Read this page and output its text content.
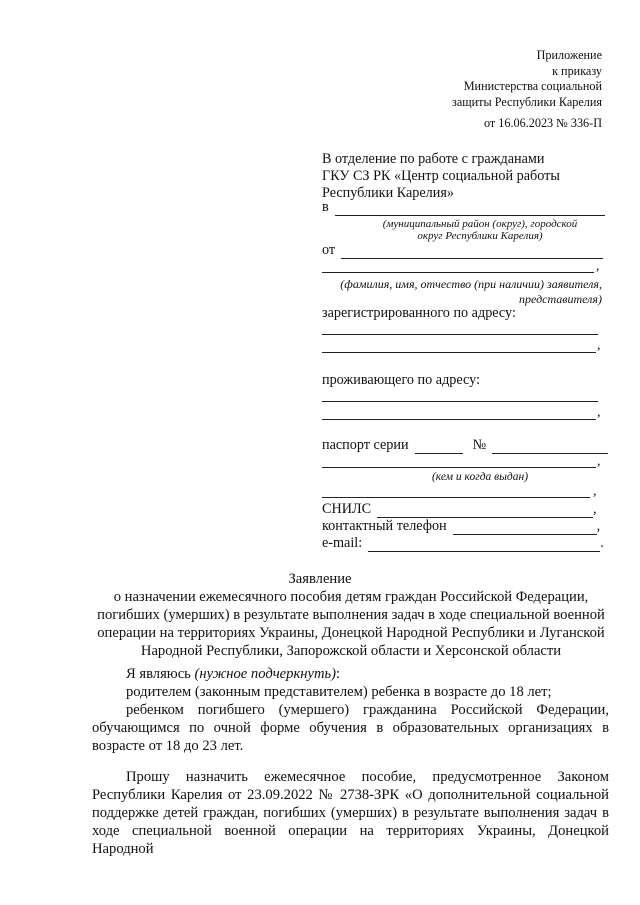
Приложение
к приказу
Министерства социальной
защиты Республики Карелия
от 16.06.2023 № 336-П
В отделение по работе с гражданами
ГКУ СЗ РК «Центр социальной работы
Республики Карелия»
в
(муниципальный район (округ), городской округ Республики Карелия)
от
,
(фамилия, имя, отчество (при наличии) заявителя,
представителя)
зарегистрированного по адресу:
,
проживающего по адресу:
,
паспорт серии	№
,
(кем и когда выдан)
,
СНИЛС	,
контактный телефон	,
e-mail:	.
Заявление
о назначении ежемесячного пособия детям граждан Российской Федерации, погибших (умерших) в результате выполнения задач в ходе специальной военной операции на территориях Украины, Донецкой Народной Республики и Луганской Народной Республики, Запорожской области и Херсонской области
Я являюсь (нужное подчеркнуть):
родителем (законным представителем) ребенка в возрасте до 18 лет;
ребенком погибшего (умершего) гражданина Российской Федерации, обучающимся по очной форме обучения в образовательных организациях в возрасте от 18 до 23 лет.
Прошу назначить ежемесячное пособие, предусмотренное Законом Республики Карелия от 23.09.2022 № 2738-ЗРК «О дополнительной социальной поддержке детей граждан, погибших (умерших) в результате выполнения задач в ходе специальной военной операции на территориях Украины, Донецкой Народной
